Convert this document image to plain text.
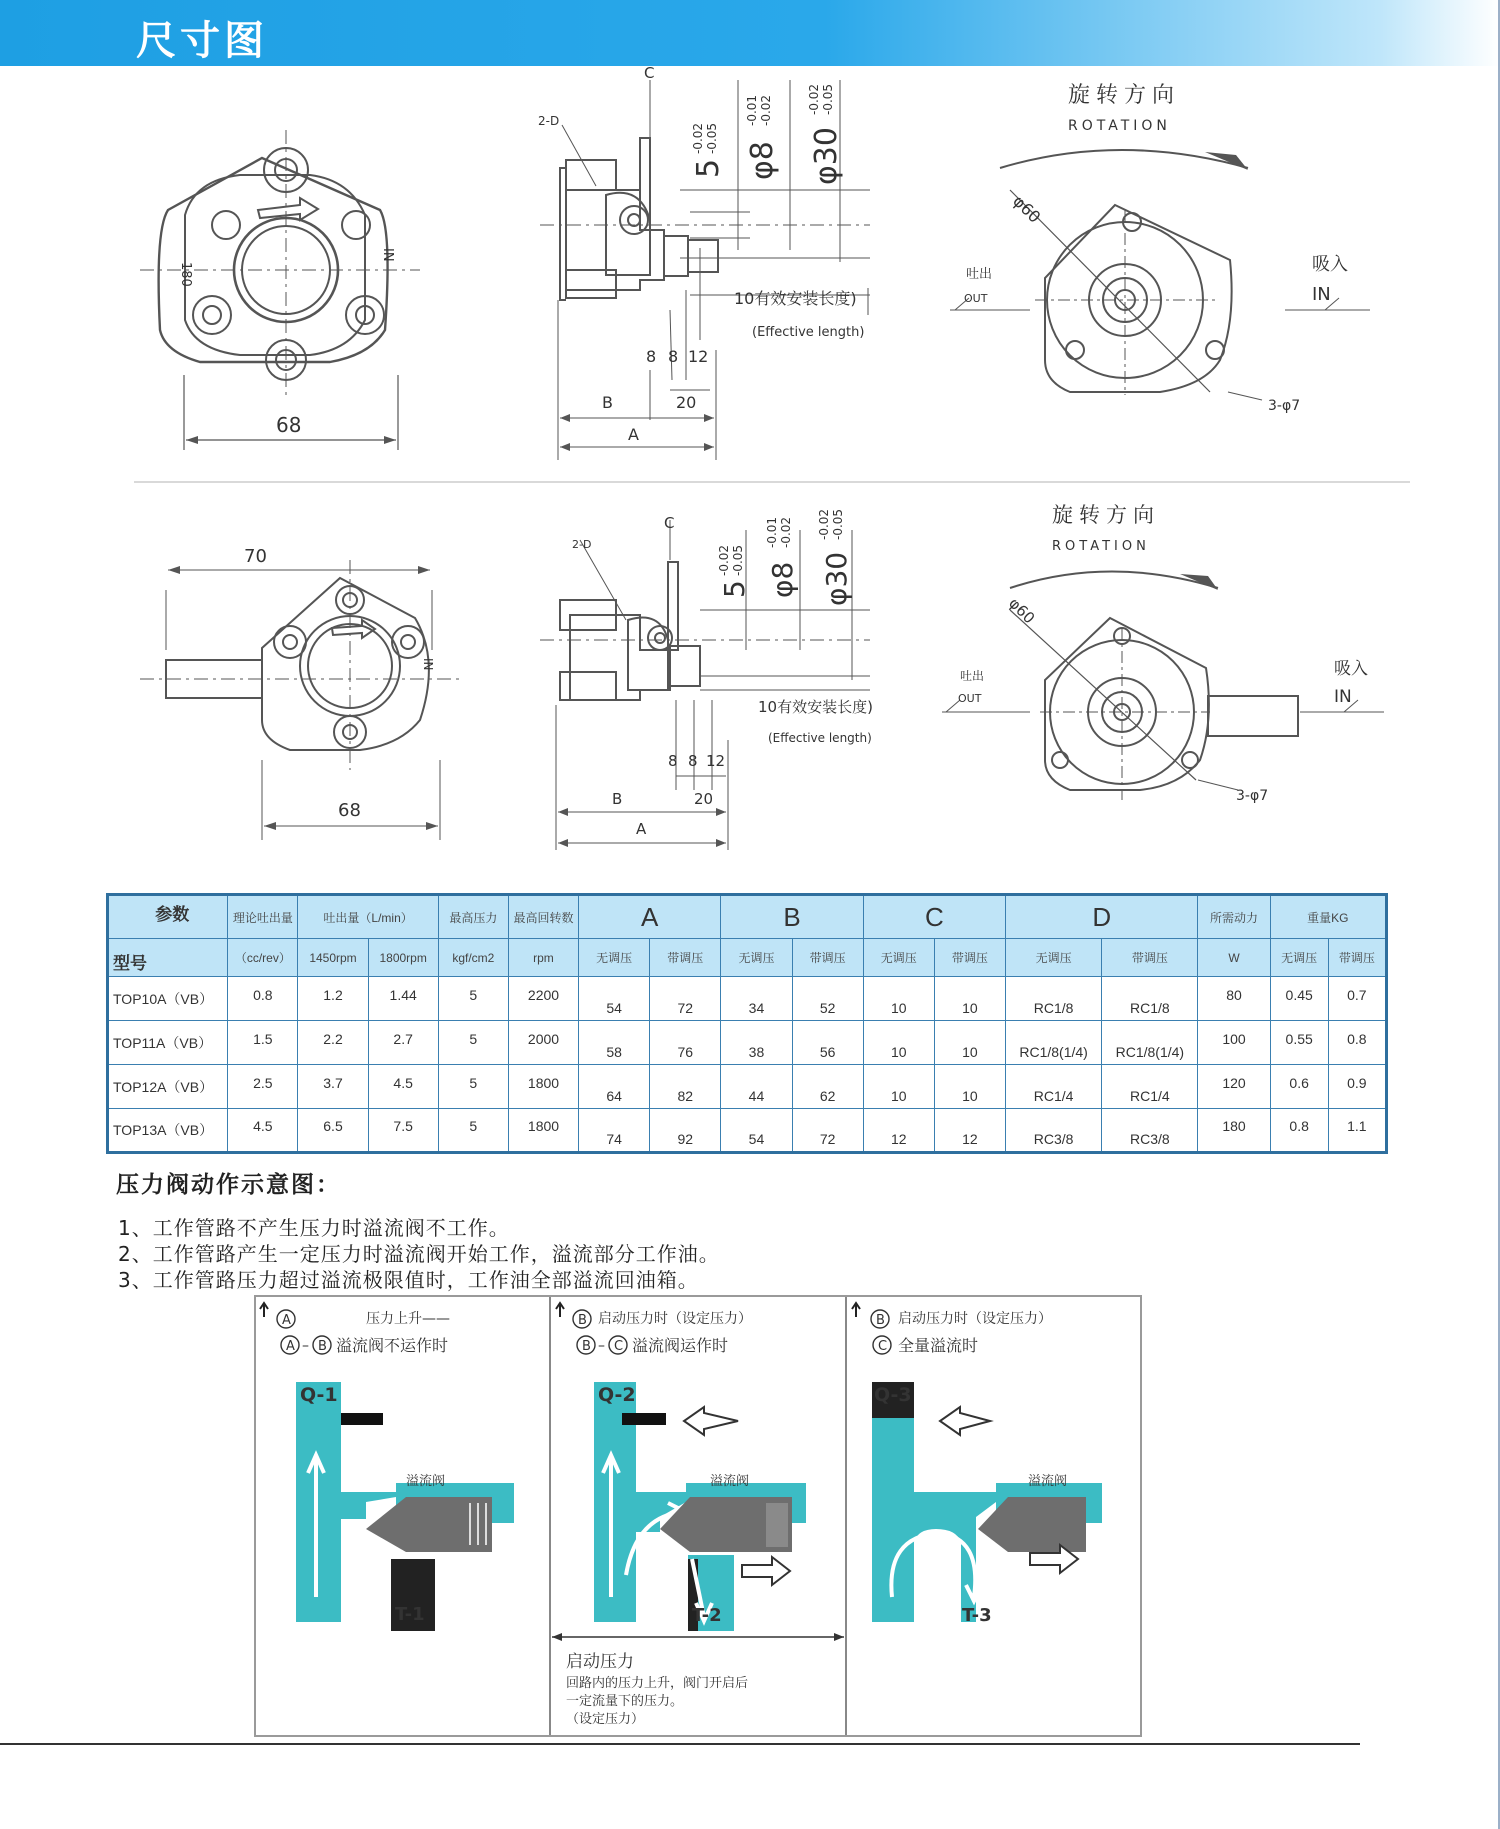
尺寸图
180
IN
68
2-D
C
5
-0.02 -0.05
φ8
-0.01 -0.02
φ30
-0.02 -0.05
10有效安装长度)
(Effective length)
8 8 12
B	20
A
旋转方向
ROTATION
φ60
吐出
OUT
吸入
IN
3-φ7
IN
70
68
2-D
C
5
-0.02 -0.05
φ8
-0.01 -0.02
φ30
-0.02 -0.05
10有效安装长度)
(Effective length)
8 8 12
B	20
A
旋转方向
ROTATION
φ60
吐出
OUT
吸入
IN
3-φ7
参数	理论吐出量	吐出量（L/min）		最高压力	最高回转数	A		B		C		D		所需动力	重量KG	

型号	（cc/rev）	1450rpm	1800rpm	kgf/cm2	rpm	无调压	带调压	无调压	带调压	无调压	带调压	无调压	带调压	W	无调压	带调压
TOP10A（VB）	0.8	1.2	1.44	5	2200	54	72	34	52	10	10	RC1/8	RC1/8	80	0.45	0.7
TOP11A（VB）	1.5	2.2	2.7	5	2000	58	76	38	56	10	10	RC1/8(1/4)	RC1/8(1/4)	100	0.55	0.8
TOP12A（VB）	2.5	3.7	4.5	5	1800	64	82	44	62	10	10	RC1/4	RC1/4	120	0.6	0.9
TOP13A（VB）	4.5	6.5	7.5	5	1800	74	92	54	72	12	12	RC3/8	RC3/8	180	0.8	1.1
压力阀动作示意图：
1、工作管路不产生压力时溢流阀不工作。
2、工作管路产生一定压力时溢流阀开始工作，溢流部分工作油。
3、工作管路压力超过溢流极限值时，工作油全部溢流回油箱。
A	压力上升——
A – B 溢流阀不运作时
Q-1
溢流阀
T-1
B 启动压力时（设定压力）
B – C 溢流阀运作时
Q-2
溢流阀
T-2
B 启动压力时（设定压力）
C 全量溢流时
Q-3
溢流阀
T-3
启动压力
回路内的压力上升，阀门开启后
一定流量下的压力。
（设定压力）
